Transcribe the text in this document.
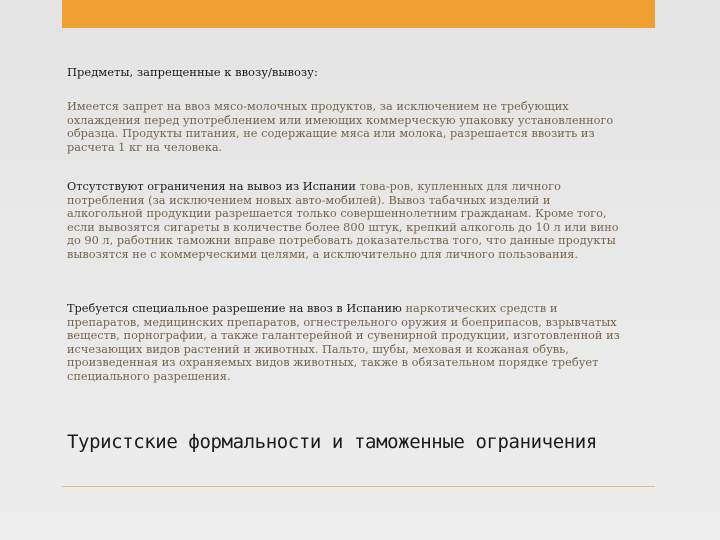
Предметы, запрещенные к ввозу/вывозу:
Имеется запрет на ввоз мясо-молочных продуктов, за исключением не требующих охлаждения перед употреблением или имеющих коммерческую упаковку установленного образца. Продукты питания, не содержащие мяса или молока, разрешается ввозить из расчета 1 кг на человека.
Отсутствуют ограничения на вывоз из Испании това-ров, купленных для личного потребления (за исключением новых авто-мобилей). Вывоз табачных изделий и алкогольной продукции разрешается только совершеннолетним гражданам. Кроме того, если вывозятся сигареты в количестве более 800 штук, крепкий алкоголь до 10 л или вино до 90 л, работник таможни вправе потребовать доказательства того, что данные продукты вывозятся не с коммерческими целями, а исключительно для личного пользования.
Требуется специальное разрешение на ввоз в Испанию наркотических средств и препаратов, медицинских препаратов, огнестрельного оружия и боеприпасов, взрывчатых веществ, порнографии, а также галантерейной и сувенирной продукции, изготовленной из исчезающих видов растений и животных. Пальто, шубы, меховая и кожаная обувь, произведенная из охраняемых видов животных, также в обязательном порядке требует специального разрешения.
Туристские формальности и таможенные ограничения
